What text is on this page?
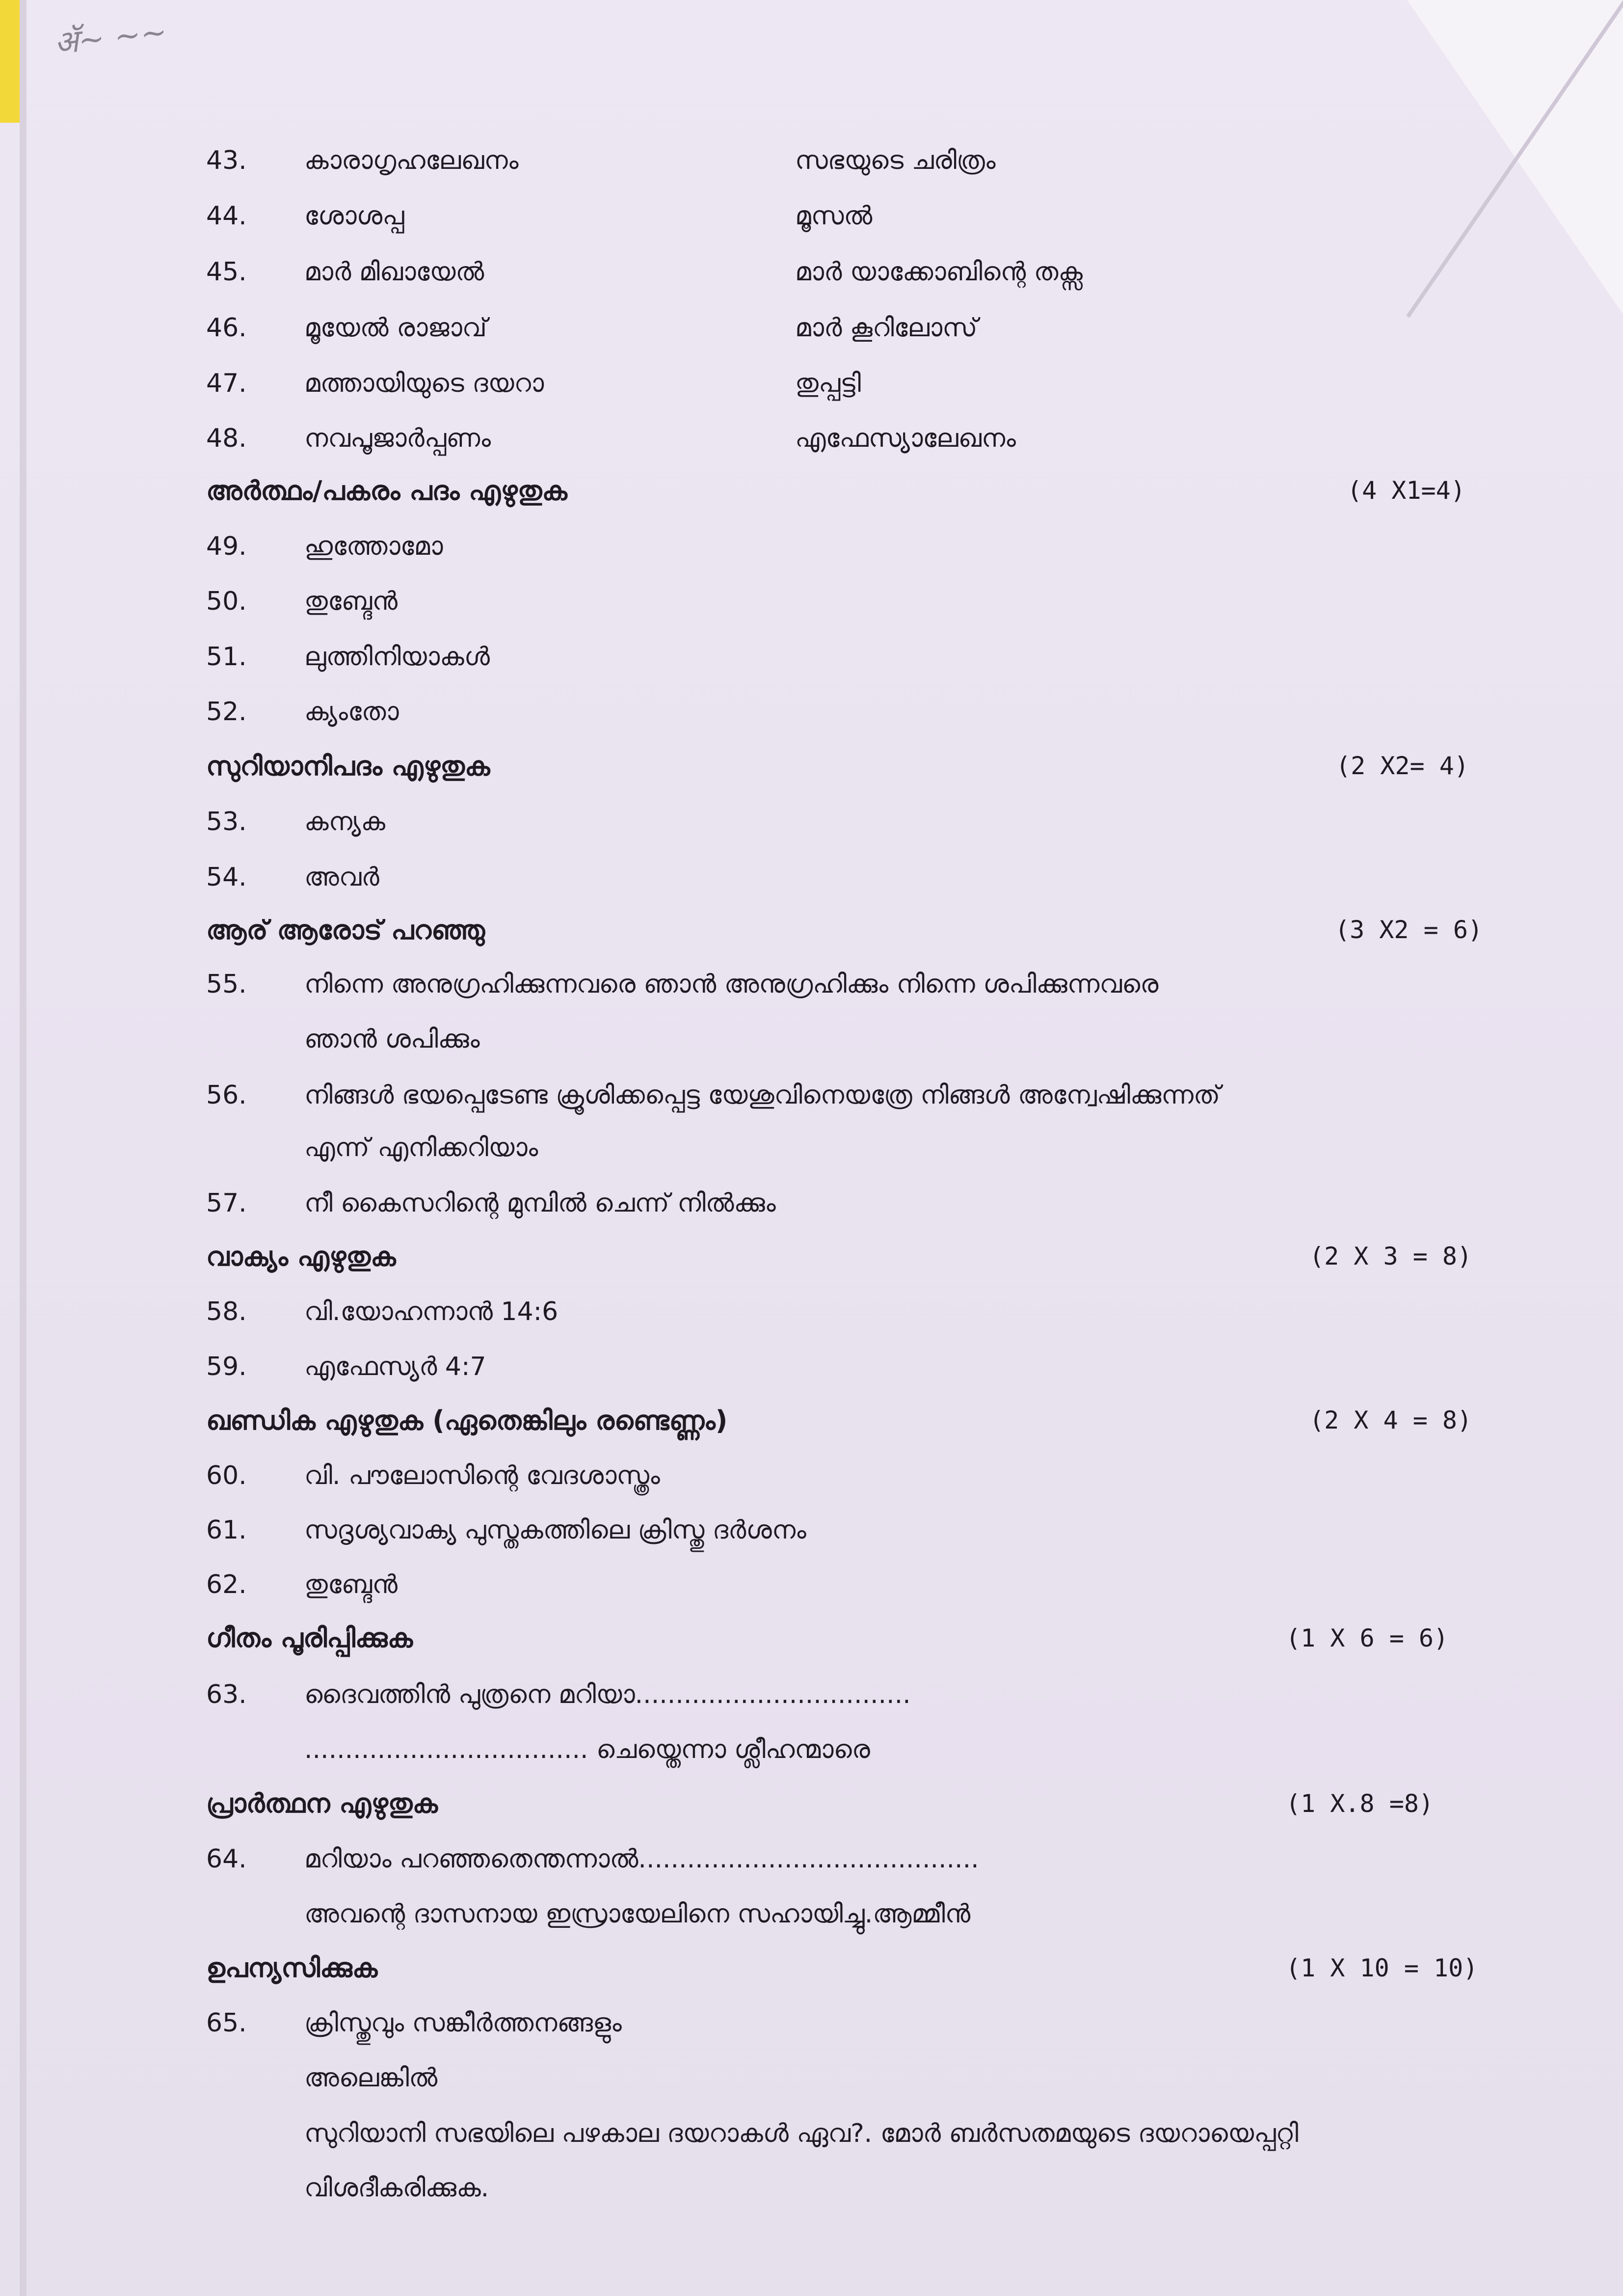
ॲ~ ~~
43. കാരാഗൃഹലേഖനം	സഭയുടെ ചരിത്രം
44. ശോശപ്പ	മൂസൽ
45. മാർ മിഖായേൽ	മാർ യാക്കോബിന്റെ തക്സ
46. മൂയേൽ രാജാവ്	മാർ കൂറിലോസ്
47. മത്തായിയുടെ ദയറാ	തുപ്പട്ടി
48. നവപൂജാർപ്പണം	എഫേസ്യാലേഖനം
അർത്ഥം/പകരം പദം എഴുതുക	(4 X1=4)
49. ഹുത്തോമോ
50. തുബ്ദേൻ
51. ലുത്തിനിയാകൾ
52. ക്യംതോ
സുറിയാനിപദം എഴുതുക	(2 X2= 4)
53. കന്യക
54. അവർ
ആര് ആരോട് പറഞ്ഞു	(3 X2 = 6)
55. നിന്നെ അനുഗ്രഹിക്കുന്നവരെ ഞാൻ അനുഗ്രഹിക്കും നിന്നെ ശപിക്കുന്നവരെ
ഞാൻ ശപിക്കും
56. നിങ്ങൾ ഭയപ്പെടേണ്ട ക്രൂശിക്കപ്പെട്ട യേശുവിനെയത്രേ നിങ്ങൾ അന്വേഷിക്കുന്നത്
എന്ന് എനിക്കറിയാം
57. നീ കൈസറിന്റെ മുമ്പിൽ ചെന്ന് നിൽക്കും
വാക്യം എഴുതുക	(2 X 3 = 8)
58. വി.യോഹന്നാൻ 14:6
59. എഫേസ്യർ 4:7
ഖണ്ഡിക എഴുതുക (ഏതെങ്കിലും രണ്ടെണ്ണം)	(2 X 4 = 8)
60. വി. പൗലോസിന്റെ വേദശാസ്ത്രം
61. സദൃശ്യവാക്യ പുസ്തകത്തിലെ ക്രിസ്തു ദർശനം
62. തുബ്ദേൻ
ഗീതം പൂരിപ്പിക്കുക	(1 X 6 = 6)
63. ദൈവത്തിൻ പുത്രനെ മറിയാ..................................
................................... ചെയ്തെന്നാ ശ്ലീഹന്മാരെ
പ്രാർത്ഥന എഴുതുക	(1 X.8 =8)
64. മറിയാം പറഞ്ഞതെന്തന്നാൽ..........................................
അവന്റെ ദാസനായ ഇസ്രായേലിനെ സഹായിച്ചു.ആമ്മീൻ
ഉപന്യസിക്കുക	(1 X 10 = 10)
65. ക്രിസ്തുവും സങ്കീർത്തനങ്ങളും
അലെങ്കിൽ
സുറിയാനി സഭയിലെ പഴകാല ദയറാകൾ ഏവ?. മോർ ബർസതമയുടെ ദയറായെപ്പറ്റി
വിശദീകരിക്കുക.
